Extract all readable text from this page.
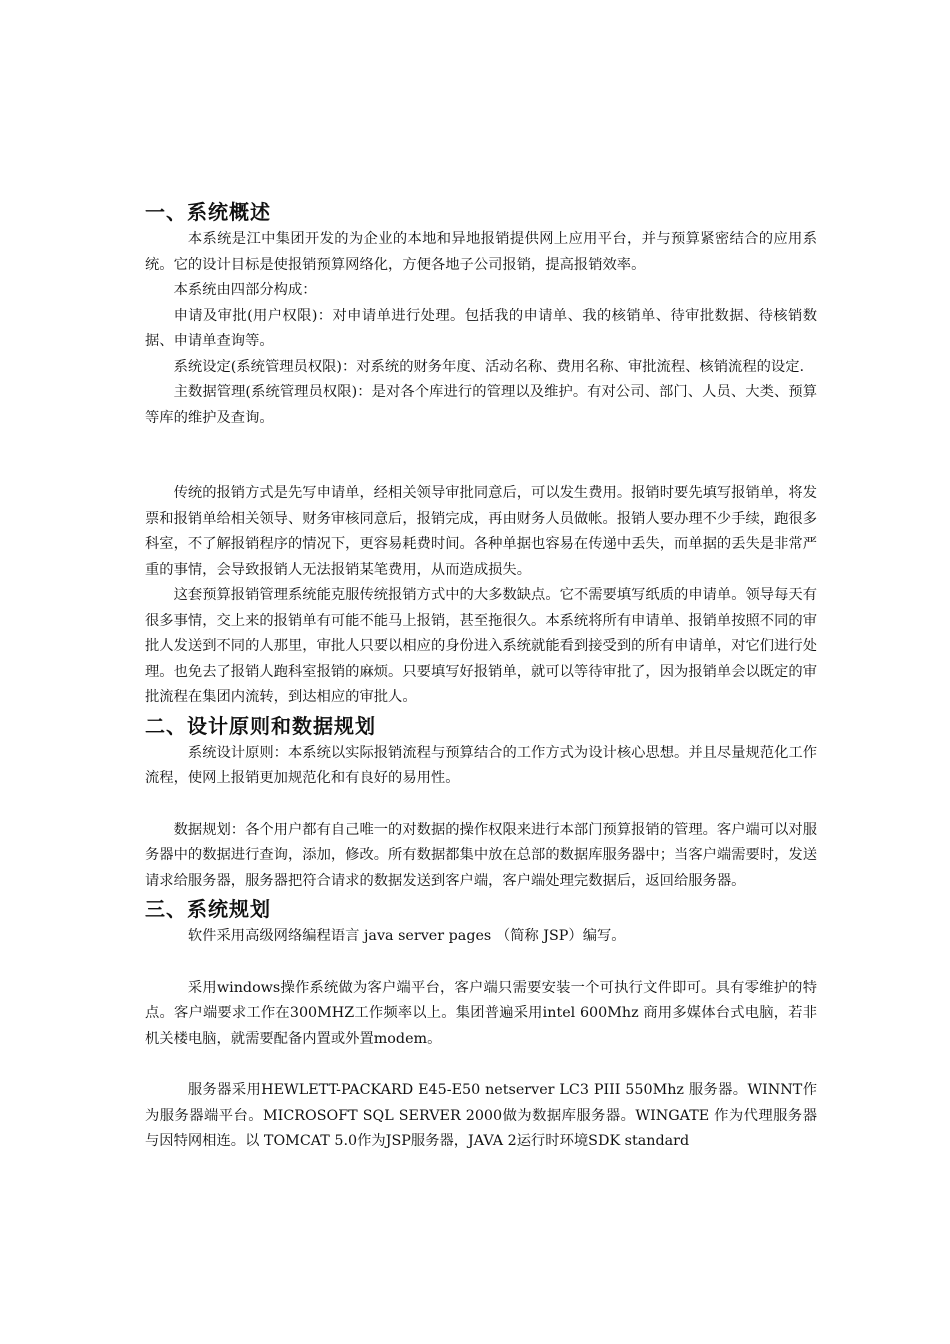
一、系统概述

本系统是江中集团开发的为企业的本地和异地报销提供网上应用平台，并与预算紧密结合的应用系统。它的设计目标是使报销预算网络化，方便各地子公司报销，提高报销效率。

本系统由四部分构成：

申请及审批(用户权限)：对申请单进行处理。包括我的申请单、我的核销单、待审批数据、待核销数据、申请单查询等。

系统设定(系统管理员权限)：对系统的财务年度、活动名称、费用名称、审批流程、核销流程的设定.

主数据管理(系统管理员权限)：是对各个库进行的管理以及维护。有对公司、部门、人员、大类、预算等库的维护及查询。

传统的报销方式是先写申请单，经相关领导审批同意后，可以发生费用。报销时要先填写报销单，将发票和报销单给相关领导、财务审核同意后，报销完成，再由财务人员做帐。报销人要办理不少手续，跑很多科室，不了解报销程序的情况下，更容易耗费时间。各种单据也容易在传递中丢失，而单据的丢失是非常严重的事情，会导致报销人无法报销某笔费用，从而造成损失。

这套预算报销管理系统能克服传统报销方式中的大多数缺点。它不需要填写纸质的申请单。领导每天有很多事情，交上来的报销单有可能不能马上报销，甚至拖很久。本系统将所有申请单、报销单按照不同的审批人发送到不同的人那里，审批人只要以相应的身份进入系统就能看到接受到的所有申请单，对它们进行处理。也免去了报销人跑科室报销的麻烦。只要填写好报销单，就可以等待审批了，因为报销单会以既定的审批流程在集团内流转，到达相应的审批人。

二、设计原则和数据规划

系统设计原则：本系统以实际报销流程与预算结合的工作方式为设计核心思想。并且尽量规范化工作流程，使网上报销更加规范化和有良好的易用性。

数据规划：各个用户都有自己唯一的对数据的操作权限来进行本部门预算报销的管理。客户端可以对服务器中的数据进行查询，添加，修改。所有数据都集中放在总部的数据库服务器中；当客户端需要时，发送请求给服务器，服务器把符合请求的数据发送到客户端，客户端处理完数据后，返回给服务器。

三、系统规划

软件采用高级网络编程语言 java server pages （简称 JSP）编写。

采用windows操作系统做为客户端平台，客户端只需要安装一个可执行文件即可。具有零维护的特点。客户端要求工作在300MHZ工作频率以上。集团普遍采用intel 600Mhz 商用多媒体台式电脑，若非机关楼电脑，就需要配备内置或外置modem。

服务器采用HEWLETT-PACKARD E45-E50 netserver LC3 PIII 550Mhz 服务器。WINNT作为服务器端平台。MICROSOFT SQL SERVER 2000做为数据库服务器。WINGATE 作为代理服务器与因特网相连。以 TOMCAT 5.0作为JSP服务器，JAVA 2运行时环境SDK standard
